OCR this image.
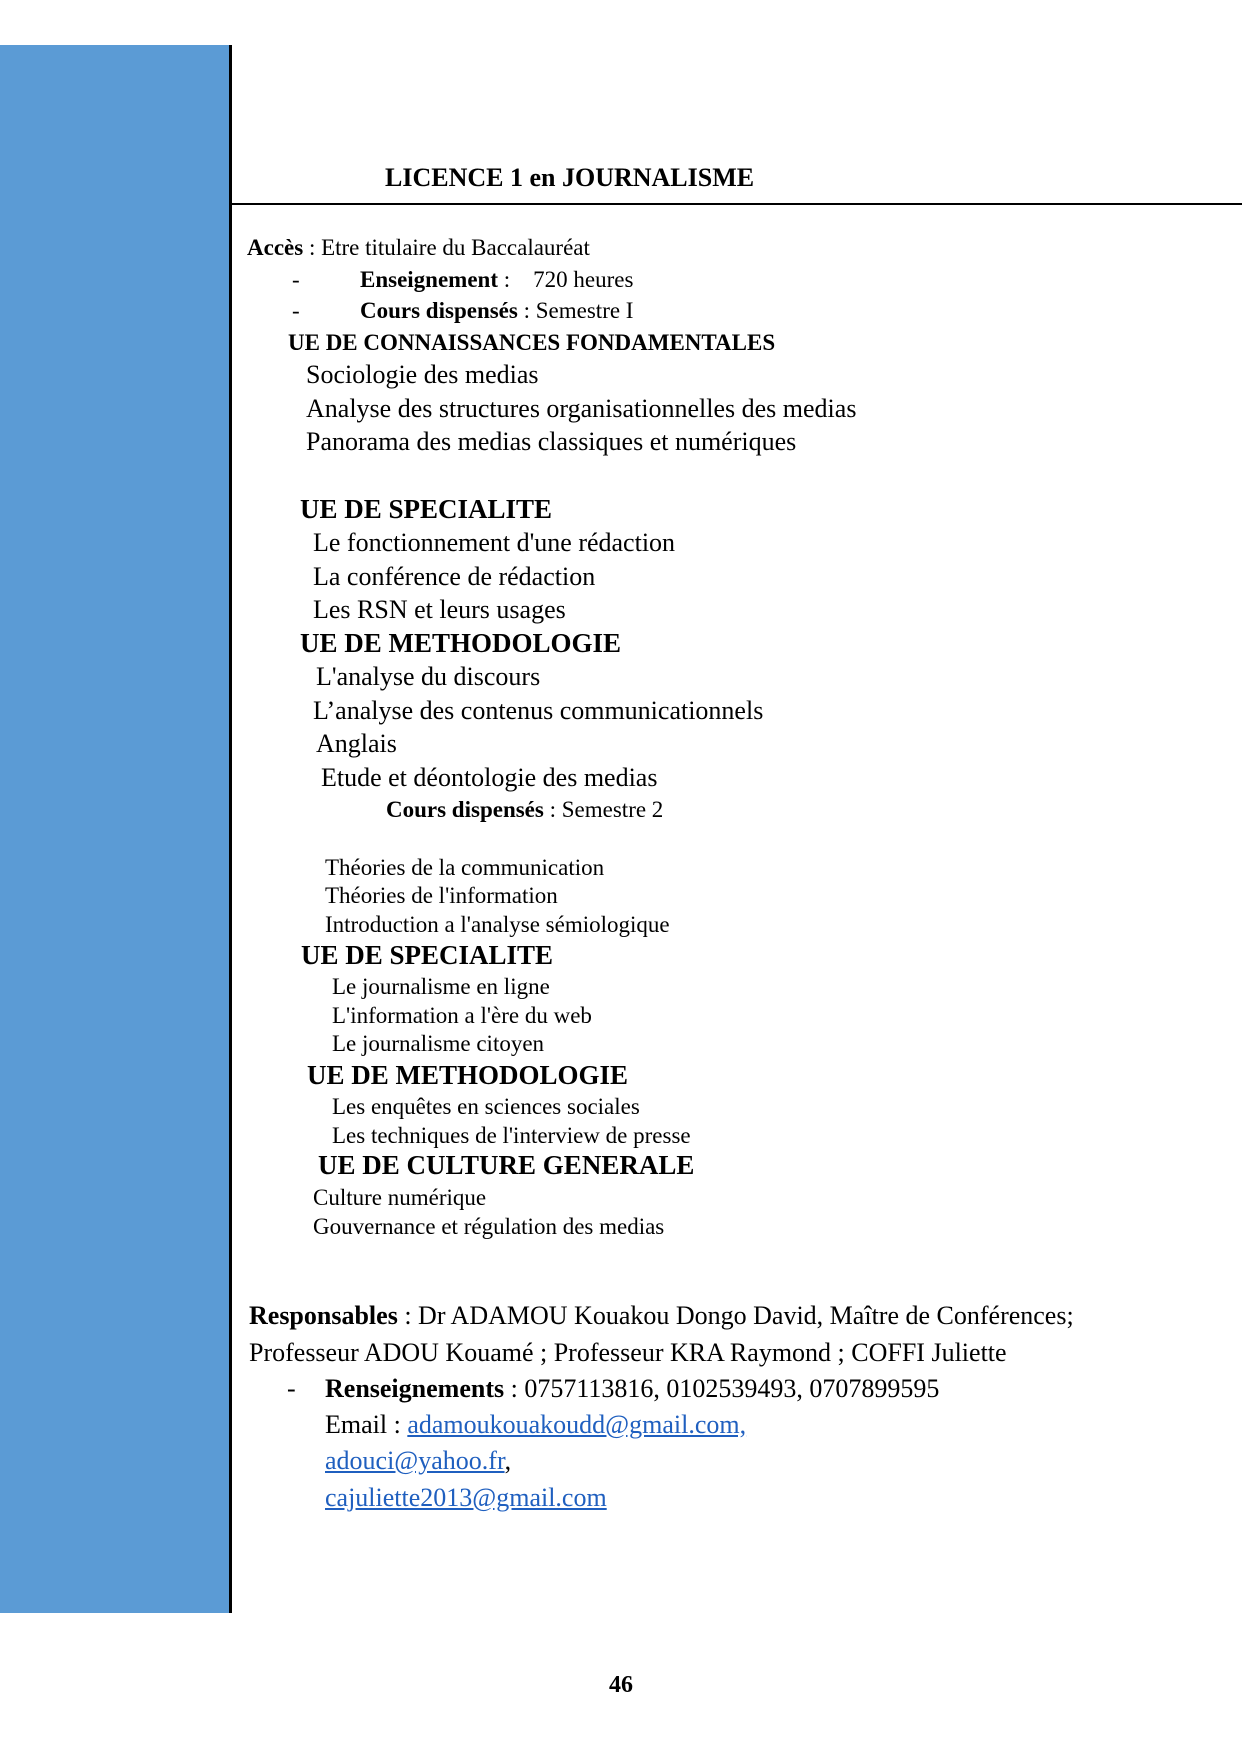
LICENCE 1 en JOURNALISME
Accès : Etre titulaire du Baccalauréat
-	Enseignement :    720 heures
-	Cours dispensés : Semestre I
UE DE CONNAISSANCES FONDAMENTALES
Sociologie des medias
Analyse des structures organisationnelles des medias
Panorama des medias classiques et numériques
UE DE SPECIALITE
Le fonctionnement d'une rédaction
La conférence de rédaction
Les RSN et leurs usages
UE DE METHODOLOGIE
L'analyse du discours
L’analyse des contenus communicationnels
Anglais
Etude et déontologie des medias
Cours dispensés : Semestre 2
Théories de la communication
Théories de l'information
Introduction a l'analyse sémiologique
UE DE SPECIALITE
Le journalisme en ligne
L'information a l'ère du web
Le journalisme citoyen
UE DE METHODOLOGIE
Les enquêtes en sciences sociales
Les techniques de l'interview de presse
UE DE CULTURE GENERALE
Culture numérique
Gouvernance et régulation des medias
Responsables : Dr ADAMOU Kouakou Dongo David, Maître de Conférences;
Professeur ADOU Kouamé ; Professeur KRA Raymond ; COFFI Juliette
- Renseignements : 0757113816, 0102539493, 0707899595
Email : adamoukouakoudd@gmail.com,
adouci@yahoo.fr,
cajuliette2013@gmail.com
46
